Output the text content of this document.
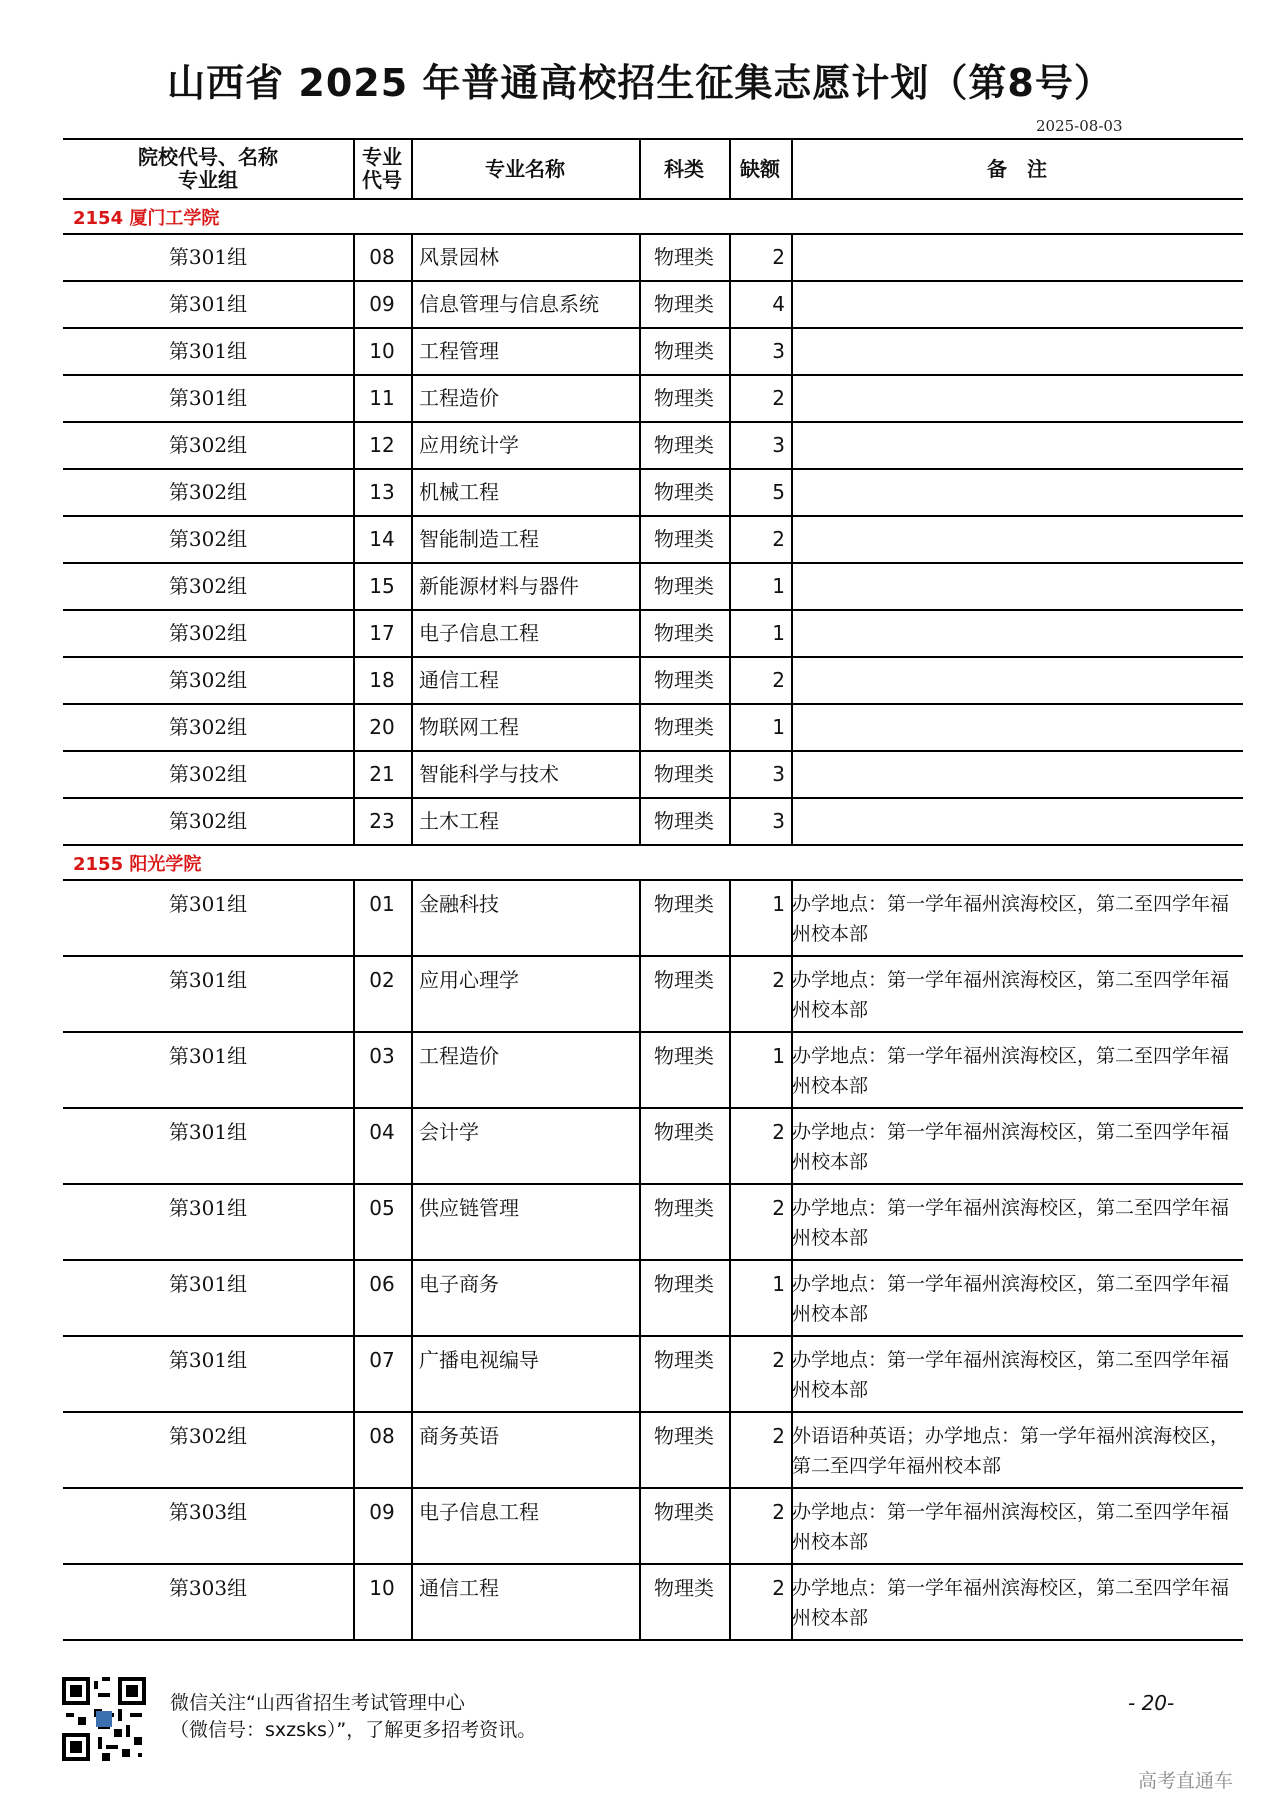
山西省 2025 年普通高校招生征集志愿计划（第8号）
2025-08-03
院校代号、名称
专业组
专业
代号	专业名称	科类	缺额	备　注
2154 厦门工学院
第301组	08	风景园林	物理类	2
第301组	09	信息管理与信息系统	物理类	4
第301组	10	工程管理	物理类	3
第301组	11	工程造价	物理类	2
第302组	12	应用统计学	物理类	3
第302组	13	机械工程	物理类	5
第302组	14	智能制造工程	物理类	2
第302组	15	新能源材料与器件	物理类	1
第302组	17	电子信息工程	物理类	1
第302组	18	通信工程	物理类	2
第302组	20	物联网工程	物理类	1
第302组	21	智能科学与技术	物理类	3
第302组	23	土木工程	物理类	3
2155 阳光学院
第301组	01	金融科技	物理类	1 办学地点：第一学年福州滨海校区，第二至四学年福州校本部
第301组	02	应用心理学	物理类	2 办学地点：第一学年福州滨海校区，第二至四学年福州校本部
第301组	03	工程造价	物理类	1 办学地点：第一学年福州滨海校区，第二至四学年福州校本部
第301组	04	会计学	物理类	2 办学地点：第一学年福州滨海校区，第二至四学年福州校本部
第301组	05	供应链管理	物理类	2 办学地点：第一学年福州滨海校区，第二至四学年福州校本部
第301组	06	电子商务	物理类	1 办学地点：第一学年福州滨海校区，第二至四学年福州校本部
第301组	07	广播电视编导	物理类	2 办学地点：第一学年福州滨海校区，第二至四学年福州校本部
第302组	08	商务英语	物理类	2 外语语种英语；办学地点：第一学年福州滨海校区，第二至四学年福州校本部
第303组	09	电子信息工程	物理类	2 办学地点：第一学年福州滨海校区，第二至四学年福州校本部
第303组	10	通信工程	物理类	2 办学地点：第一学年福州滨海校区，第二至四学年福州校本部
微信关注“山西省招生考试管理中心
（微信号：sxzsks）”，了解更多招考资讯。
- 20-
高考直通车
